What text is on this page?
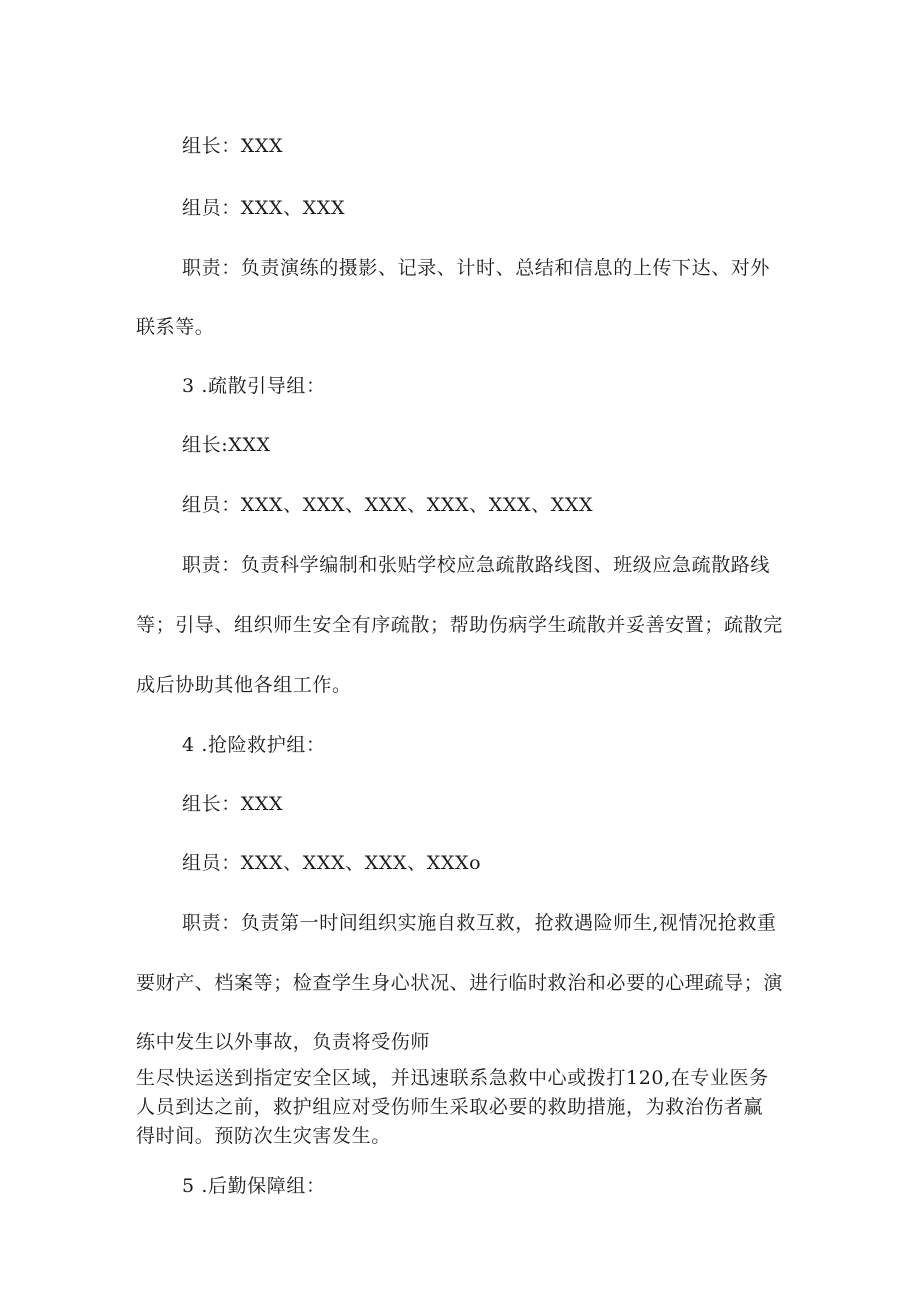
组长：XXX
组员：XXX、XXX
职责：负责演练的摄影、记录、计时、总结和信息的上传下达、对外
联系等。
3 .疏散引导组：
组长:XXX
组员：XXX、XXX、XXX、XXX、XXX、XXX
职责：负责科学编制和张贴学校应急疏散路线图、班级应急疏散路线
等；引导、组织师生安全有序疏散；帮助伤病学生疏散并妥善安置；疏散完
成后协助其他各组工作。
4 .抢险救护组：
组长：XXX
组员：XXX、XXX、XXX、XXXo
职责：负责第一时间组织实施自救互救，抢救遇险师生,视情况抢救重
要财产、档案等；检查学生身心状况、进行临时救治和必要的心理疏导；演
练中发生以外事故，负责将受伤师
生尽快运送到指定安全区域，并迅速联系急救中心或拨打120,在专业医务
人员到达之前，救护组应对受伤师生采取必要的救助措施，为救治伤者赢
得时间。预防次生灾害发生。
5 .后勤保障组：
